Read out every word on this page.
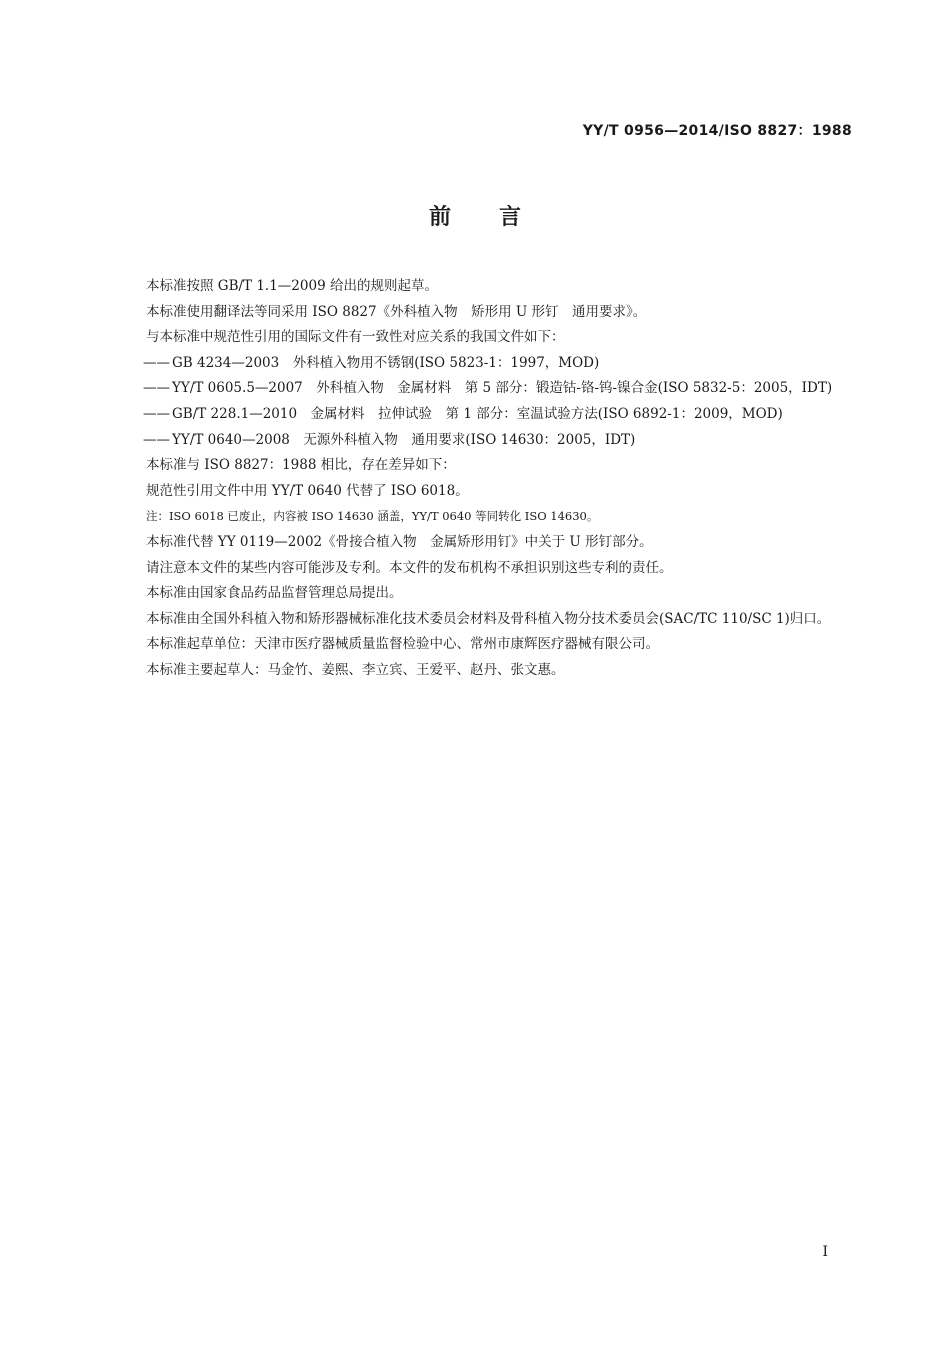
YY/T 0956—2014/ISO 8827：1988
前言

本标准按照 GB/T 1.1—2009 给出的规则起草。

本标准使用翻译法等同采用 ISO 8827《外科植入物　矫形用 U 形钉　通用要求》。

与本标准中规范性引用的国际文件有一致性对应关系的我国文件如下：

—— GB 4234—2003　外科植入物用不锈钢(ISO 5823-1：1997，MOD)
—— YY/T 0605.5—2007　外科植入物　金属材料　第 5 部分：锻造钴-铬-钨-镍合金(ISO 5832-5：2005，IDT)
—— GB/T 228.1—2010　金属材料　拉伸试验　第 1 部分：室温试验方法(ISO 6892-1：2009，MOD)
—— YY/T 0640—2008　无源外科植入物　通用要求(ISO 14630：2005，IDT)

本标准与 ISO 8827：1988 相比，存在差异如下：

规范性引用文件中用 YY/T 0640 代替了 ISO 6018。

注：ISO 6018 已废止，内容被 ISO 14630 涵盖，YY/T 0640 等同转化 ISO 14630。

本标准代替 YY 0119—2002《骨接合植入物　金属矫形用钉》中关于 U 形钉部分。

请注意本文件的某些内容可能涉及专利。本文件的发布机构不承担识别这些专利的责任。

本标准由国家食品药品监督管理总局提出。

本标准由全国外科植入物和矫形器械标准化技术委员会材料及骨科植入物分技术委员会(SAC/TC 110/SC 1)归口。

本标准起草单位：天津市医疗器械质量监督检验中心、常州市康辉医疗器械有限公司。

本标准主要起草人：马金竹、姜熙、李立宾、王爱平、赵丹、张文惠。

I
